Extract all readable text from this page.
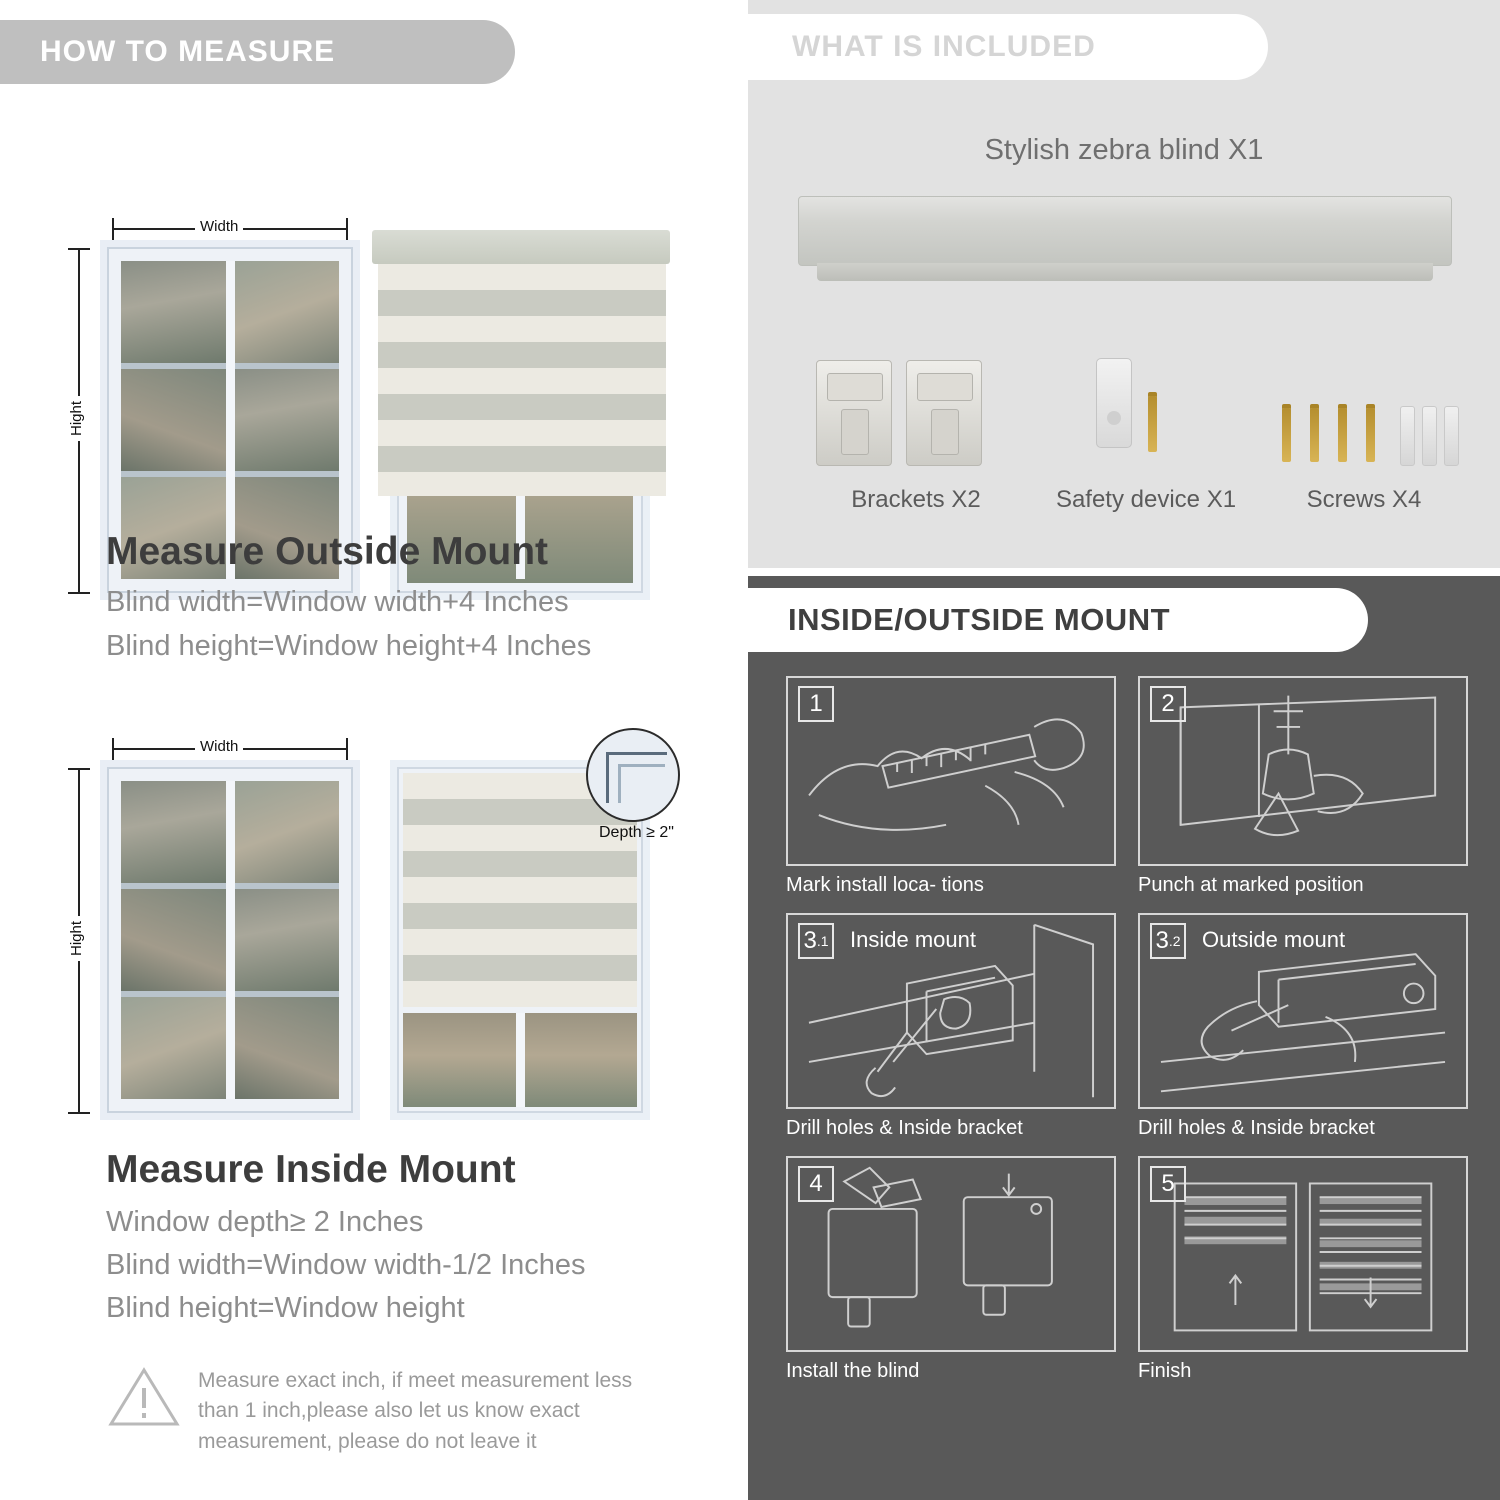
HOW TO MEASURE
Width
Hight
Measure Outside Mount
Blind width=Window width+4 Inches
Blind height=Window height+4 Inches
Width
Hight
Depth ≥ 2"
Measure Inside Mount
Window depth≥ 2 Inches
Blind width=Window width-1/2 Inches
Blind height=Window height
Measure exact inch, if meet measurement less than 1 inch,please also let us know exact measurement, please do not leave it
WHAT IS INCLUDED
Stylish zebra blind X1
Brackets X2	Safety device X1	Screws X4
INSIDE/OUTSIDE MOUNT
1
Mark install loca- tions
2
Punch at marked position
3 .1 Inside mount
Drill holes & Inside bracket
3 .2 Outside mount
Drill holes & Inside bracket
4
Install the blind
5
Finish
